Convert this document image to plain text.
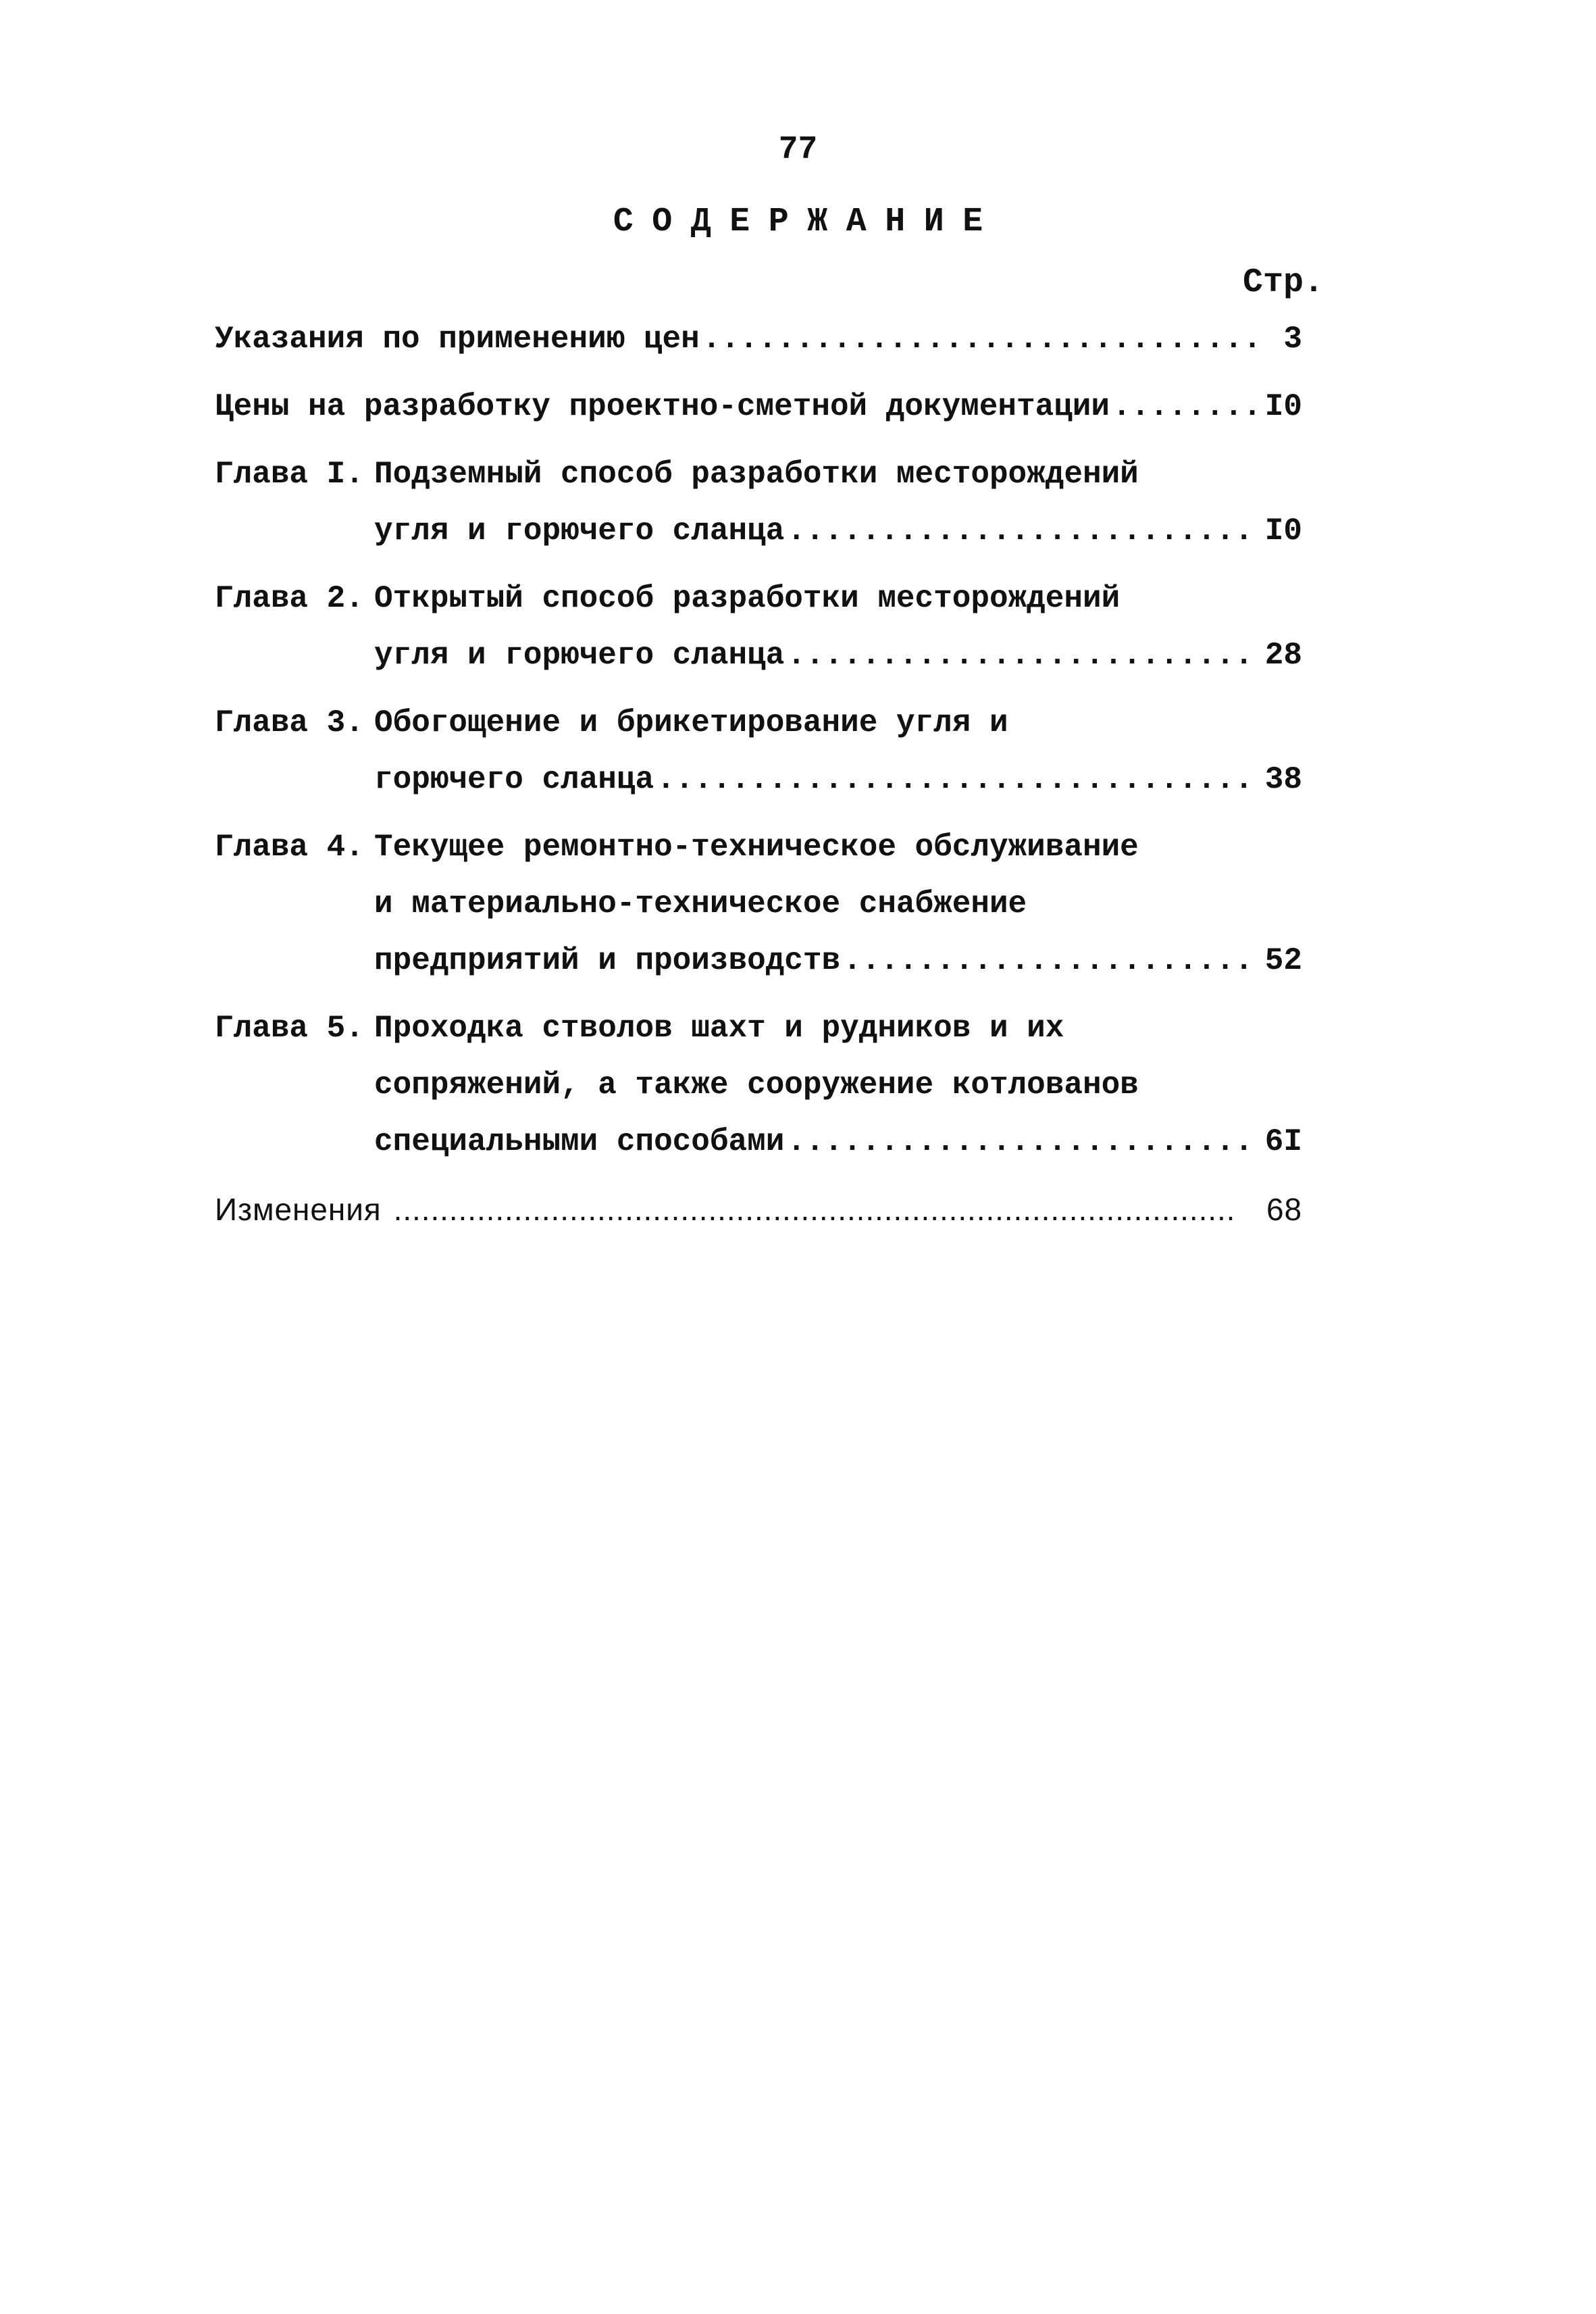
77
СОДЕРЖАНИЕ
Стр.
Указания по применению цен .....	3
Цены на разработку проектно-сметной документации .....	I0
Глава I. Подземный способ разработки месторождений
угля и горючего сланца .....	I0
Глава 2. Открытый способ разработки месторождений
угля и горючего сланца .....	28
Глава 3. Обогощение и брикетирование угля и
горючего сланца .....	38
Глава 4. Текущее ремонтно-техническое обслуживание
и материально-техническое снабжение
предприятий и производств .....	52
Глава 5. Проходка стволов шахт и рудников и их
сопряжений, а также сооружение котлованов
специальными способами .....	6I
Изменения .....	68
